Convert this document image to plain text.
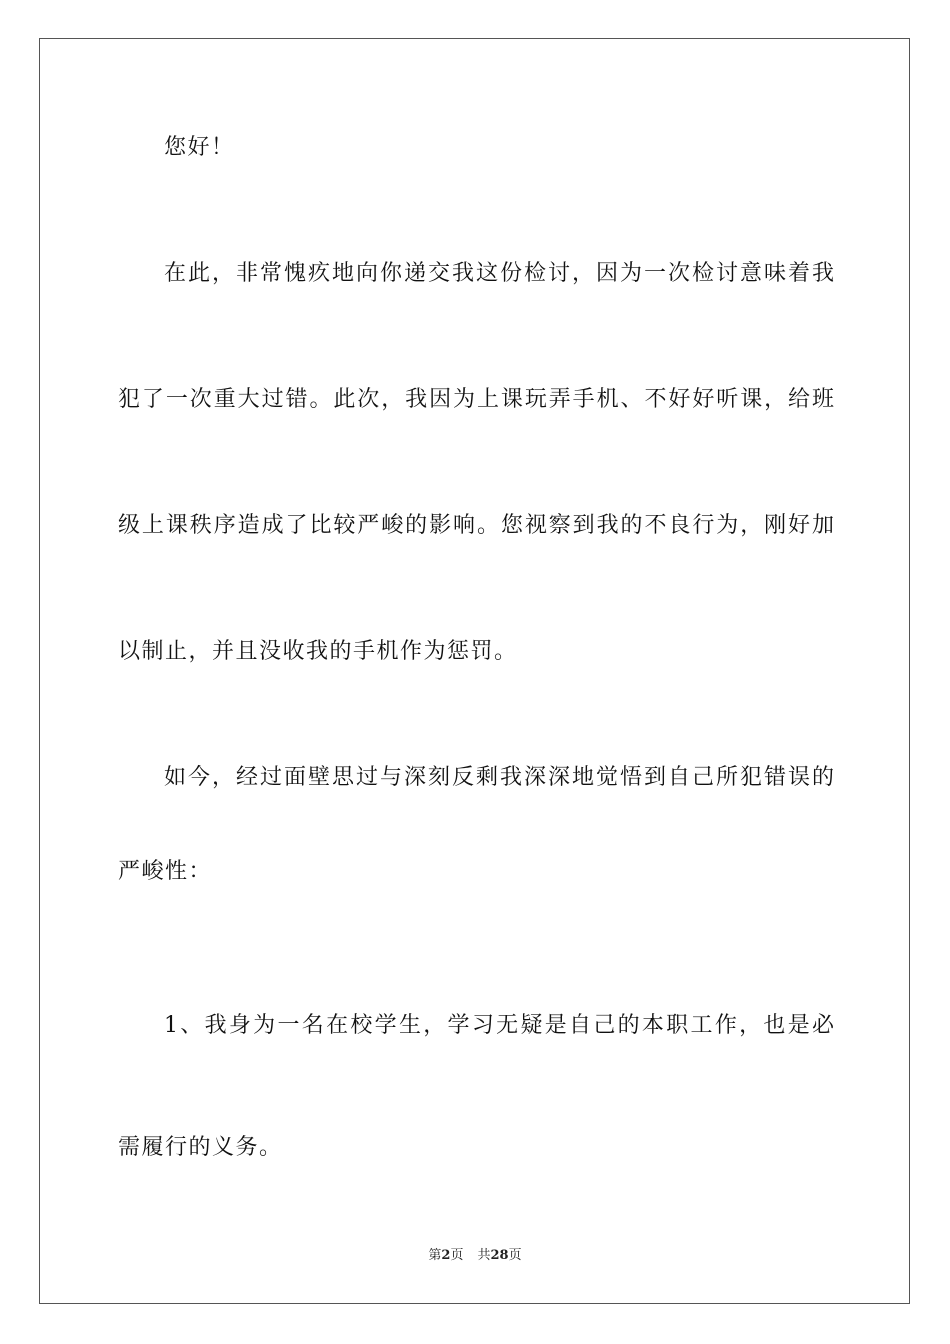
您好！
在此，非常愧疚地向你递交我这份检讨，因为一次检讨意味着我
犯了一次重大过错。此次，我因为上课玩弄手机、不好好听课，给班
级上课秩序造成了比较严峻的影响。您视察到我的不良行为，刚好加
以制止，并且没收我的手机作为惩罚。
如今，经过面壁思过与深刻反剩我深深地觉悟到自己所犯错误的
严峻性：
1、我身为一名在校学生，学习无疑是自己的本职工作，也是必
需履行的义务。
第2页 共28页
